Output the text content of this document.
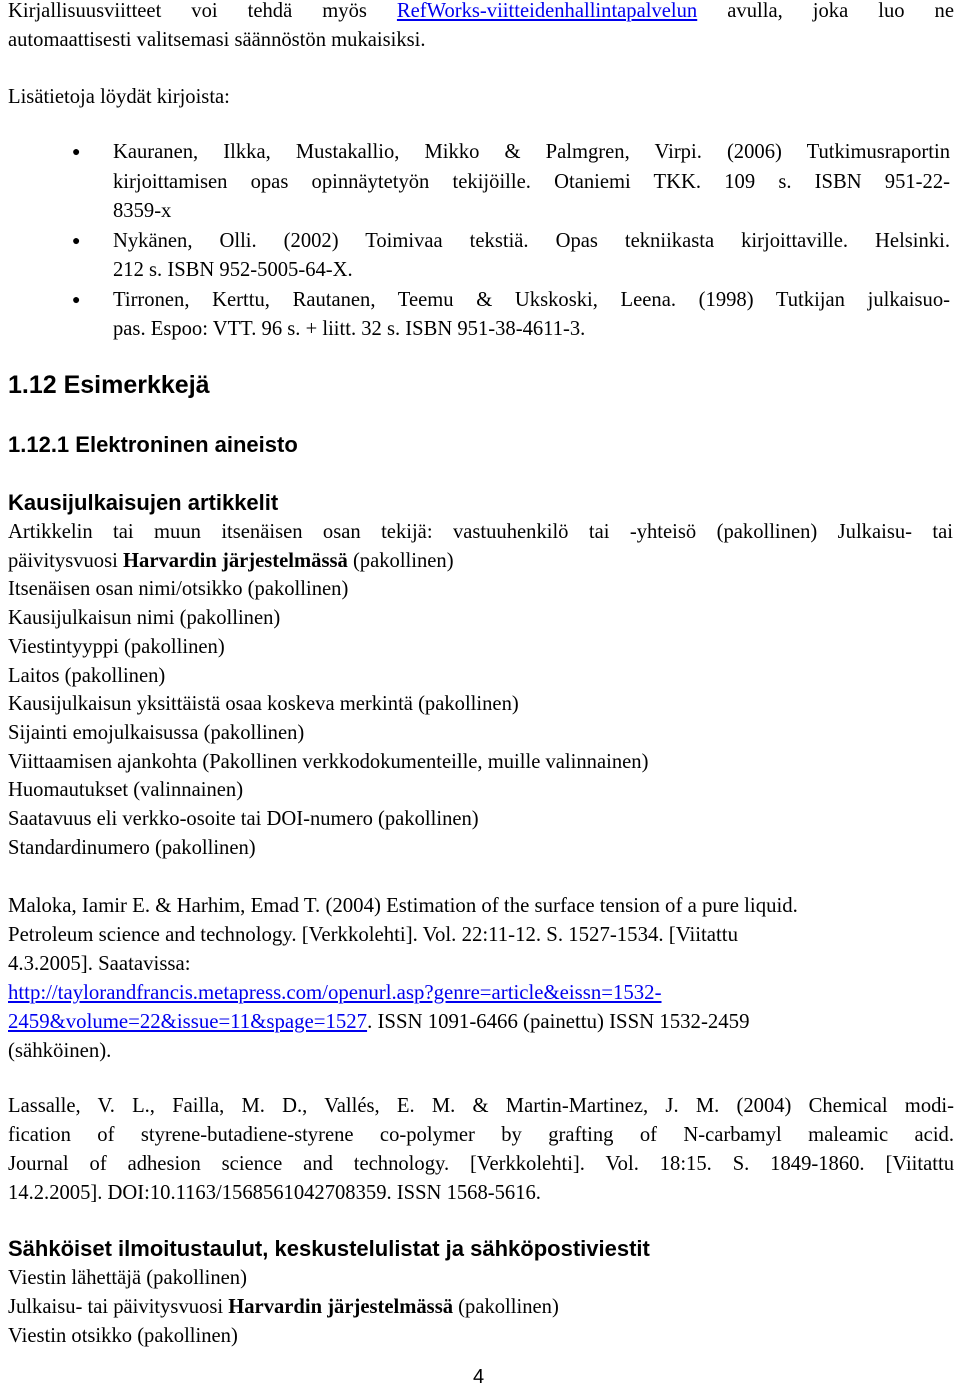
Kirjallisuusviitteet voi tehdä myös RefWorks-viitteidenhallintapalvelun avulla, joka luo ne
automaattisesti valitsemasi säännöstön mukaisiksi.
Lisätietoja löydät kirjoista:
● Kauranen, Ilkka, Mustakallio, Mikko & Palmgren, Virpi. (2006) Tutkimusraportin
kirjoittamisen opas opinnäytetyön tekijöille. Otaniemi TKK. 109 s. ISBN 951-22-
8359-x
● Nykänen, Olli. (2002) Toimivaa tekstiä. Opas tekniikasta kirjoittaville. Helsinki.
212 s. ISBN 952-5005-64-X.
● Tirronen, Kerttu, Rautanen, Teemu & Ukskoski, Leena. (1998) Tutkijan julkaisuo-
pas. Espoo: VTT. 96 s. + liitt. 32 s. ISBN 951-38-4611-3.
1.12 Esimerkkejä
1.12.1 Elektroninen aineisto
Kausijulkaisujen artikkelit
Artikkelin tai muun itsenäisen osan tekijä: vastuuhenkilö tai -yhteisö (pakollinen) Julkaisu- tai
päivitysvuosi Harvardin järjestelmässä (pakollinen)
Itsenäisen osan nimi/otsikko (pakollinen)
Kausijulkaisun nimi (pakollinen)
Viestintyyppi (pakollinen)
Laitos (pakollinen)
Kausijulkaisun yksittäistä osaa koskeva merkintä (pakollinen)
Sijainti emojulkaisussa (pakollinen)
Viittaamisen ajankohta (Pakollinen verkkodokumenteille, muille valinnainen)
Huomautukset (valinnainen)
Saatavuus eli verkko-osoite tai DOI-numero (pakollinen)
Standardinumero (pakollinen)
Maloka, Iamir E. & Harhim, Emad T. (2004) Estimation of the surface tension of a pure liquid.
Petroleum science and technology. [Verkkolehti]. Vol. 22:11-12. S. 1527-1534. [Viitattu
4.3.2005]. Saatavissa:
http://taylorandfrancis.metapress.com/openurl.asp?genre=article&eissn=1532-
2459&volume=22&issue=11&spage=1527. ISSN 1091-6466 (painettu) ISSN 1532-2459
(sähköinen).
Lassalle, V. L., Failla, M. D., Vallés, E. M. & Martin-Martinez, J. M. (2004) Chemical modi-
fication of styrene-butadiene-styrene co-polymer by grafting of N-carbamyl maleamic acid.
Journal of adhesion science and technology. [Verkkolehti]. Vol. 18:15. S. 1849-1860. [Viitattu
14.2.2005]. DOI:10.1163/1568561042708359. ISSN 1568-5616.
Sähköiset ilmoitustaulut, keskustelulistat ja sähköpostiviestit
Viestin lähettäjä (pakollinen)
Julkaisu- tai päivitysvuosi Harvardin järjestelmässä (pakollinen)
Viestin otsikko (pakollinen)
4
